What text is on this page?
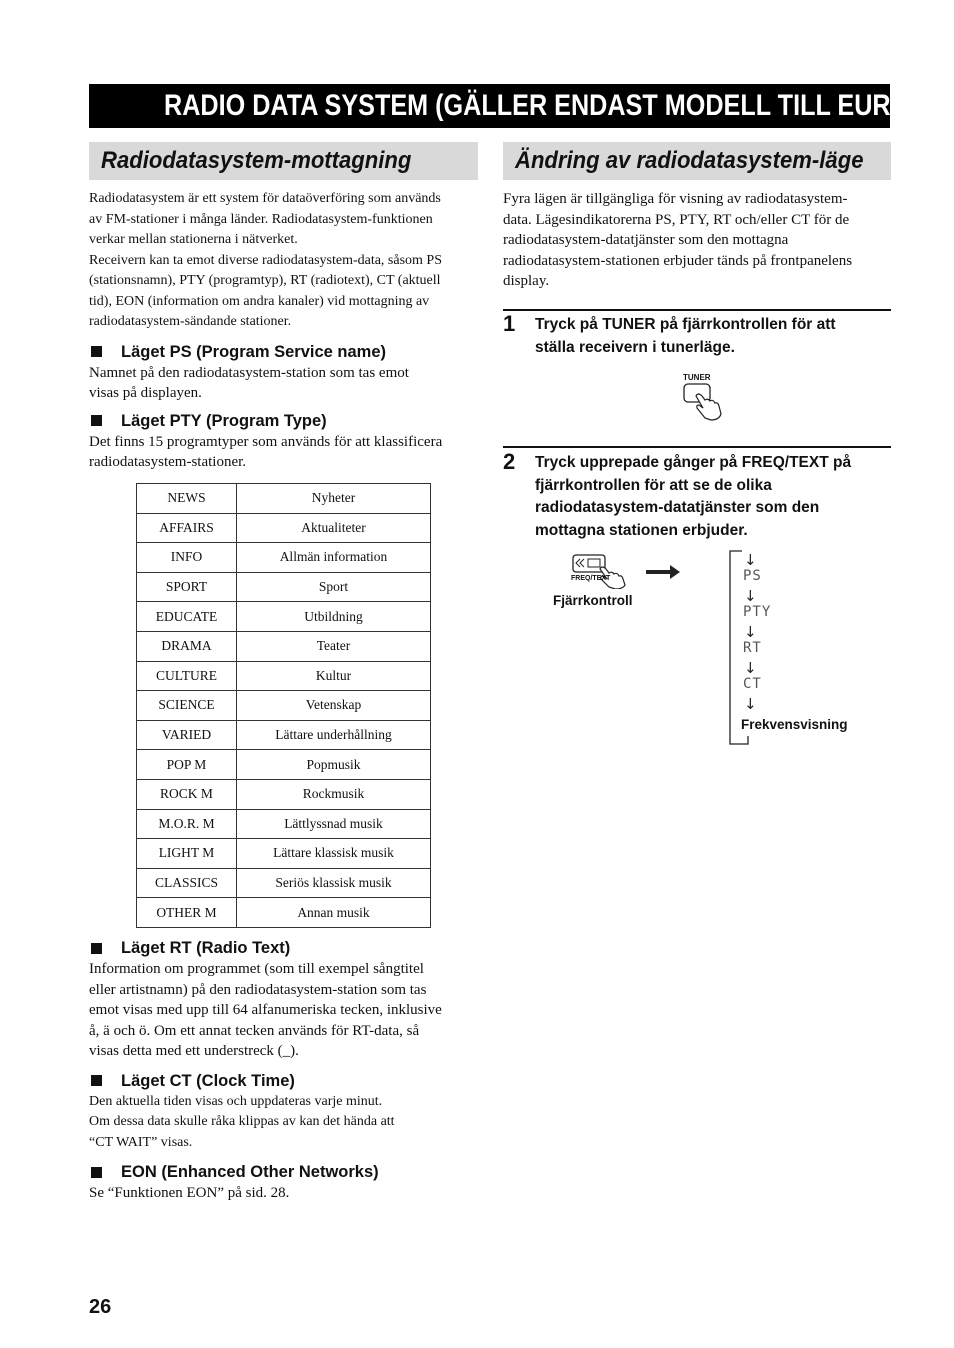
RADIO DATA SYSTEM (GÄLLER ENDAST MODELL TILL EUROPA)
Radiodatasystem-mottagning	Ändring av radiodatasystem-läge
Radiodatasystem är ett system för dataöverföring som används
av FM-stationer i många länder. Radiodatasystem-funktionen
verkar mellan stationerna i nätverket.
Receivern kan ta emot diverse radiodatasystem-data, såsom PS
(stationsnamn), PTY (programtyp), RT (radiotext), CT (aktuell
tid), EON (information om andra kanaler) vid mottagning av
radiodatasystem-sändande stationer.
Läget PS (Program Service name)
Namnet på den radiodatasystem-station som tas emot
visas på displayen.
Läget PTY (Program Type)
Det finns 15 programtyper som används för att klassificera
radiodatasystem-stationer.
NEWS	Nyheter
AFFAIRS	Aktualiteter
INFO	Allmän information
SPORT	Sport
EDUCATE	Utbildning
DRAMA	Teater
CULTURE	Kultur
SCIENCE	Vetenskap
VARIED	Lättare underhållning
POP M	Popmusik
ROCK M	Rockmusik
M.O.R. M	Lättlyssnad musik
LIGHT M	Lättare klassisk musik
CLASSICS	Seriös klassisk musik
OTHER M	Annan musik
Läget RT (Radio Text)
Information om programmet (som till exempel sångtitel
eller artistnamn) på den radiodatasystem-station som tas
emot visas med upp till 64 alfanumeriska tecken, inklusive
å, ä och ö. Om ett annat tecken används för RT-data, så
visas detta med ett understreck (_).
Läget CT (Clock Time)
Den aktuella tiden visas och uppdateras varje minut.
Om dessa data skulle råka klippas av kan det hända att
“CT WAIT” visas.
EON (Enhanced Other Networks)
Se “Funktionen EON” på sid. 28.
Fyra lägen är tillgängliga för visning av radiodatasystem-
data. Lägesindikatorerna PS, PTY, RT och/eller CT för de
radiodatasystem-datatjänster som den mottagna
radiodatasystem-stationen erbjuder tänds på frontpanelens
display.
1 Tryck på TUNER på fjärrkontrollen för att
ställa receivern i tunerläge.
TUNER
2 Tryck upprepade gånger på FREQ/TEXT på
fjärrkontrollen för att se de olika
radiodatasystem-datatjänster som den
mottagna stationen erbjuder.
FREQ/TEXT
Fjärrkontroll
↓
PS
↓
PTY
↓
RT
↓
CT
↓
Frekvensvisning
26
